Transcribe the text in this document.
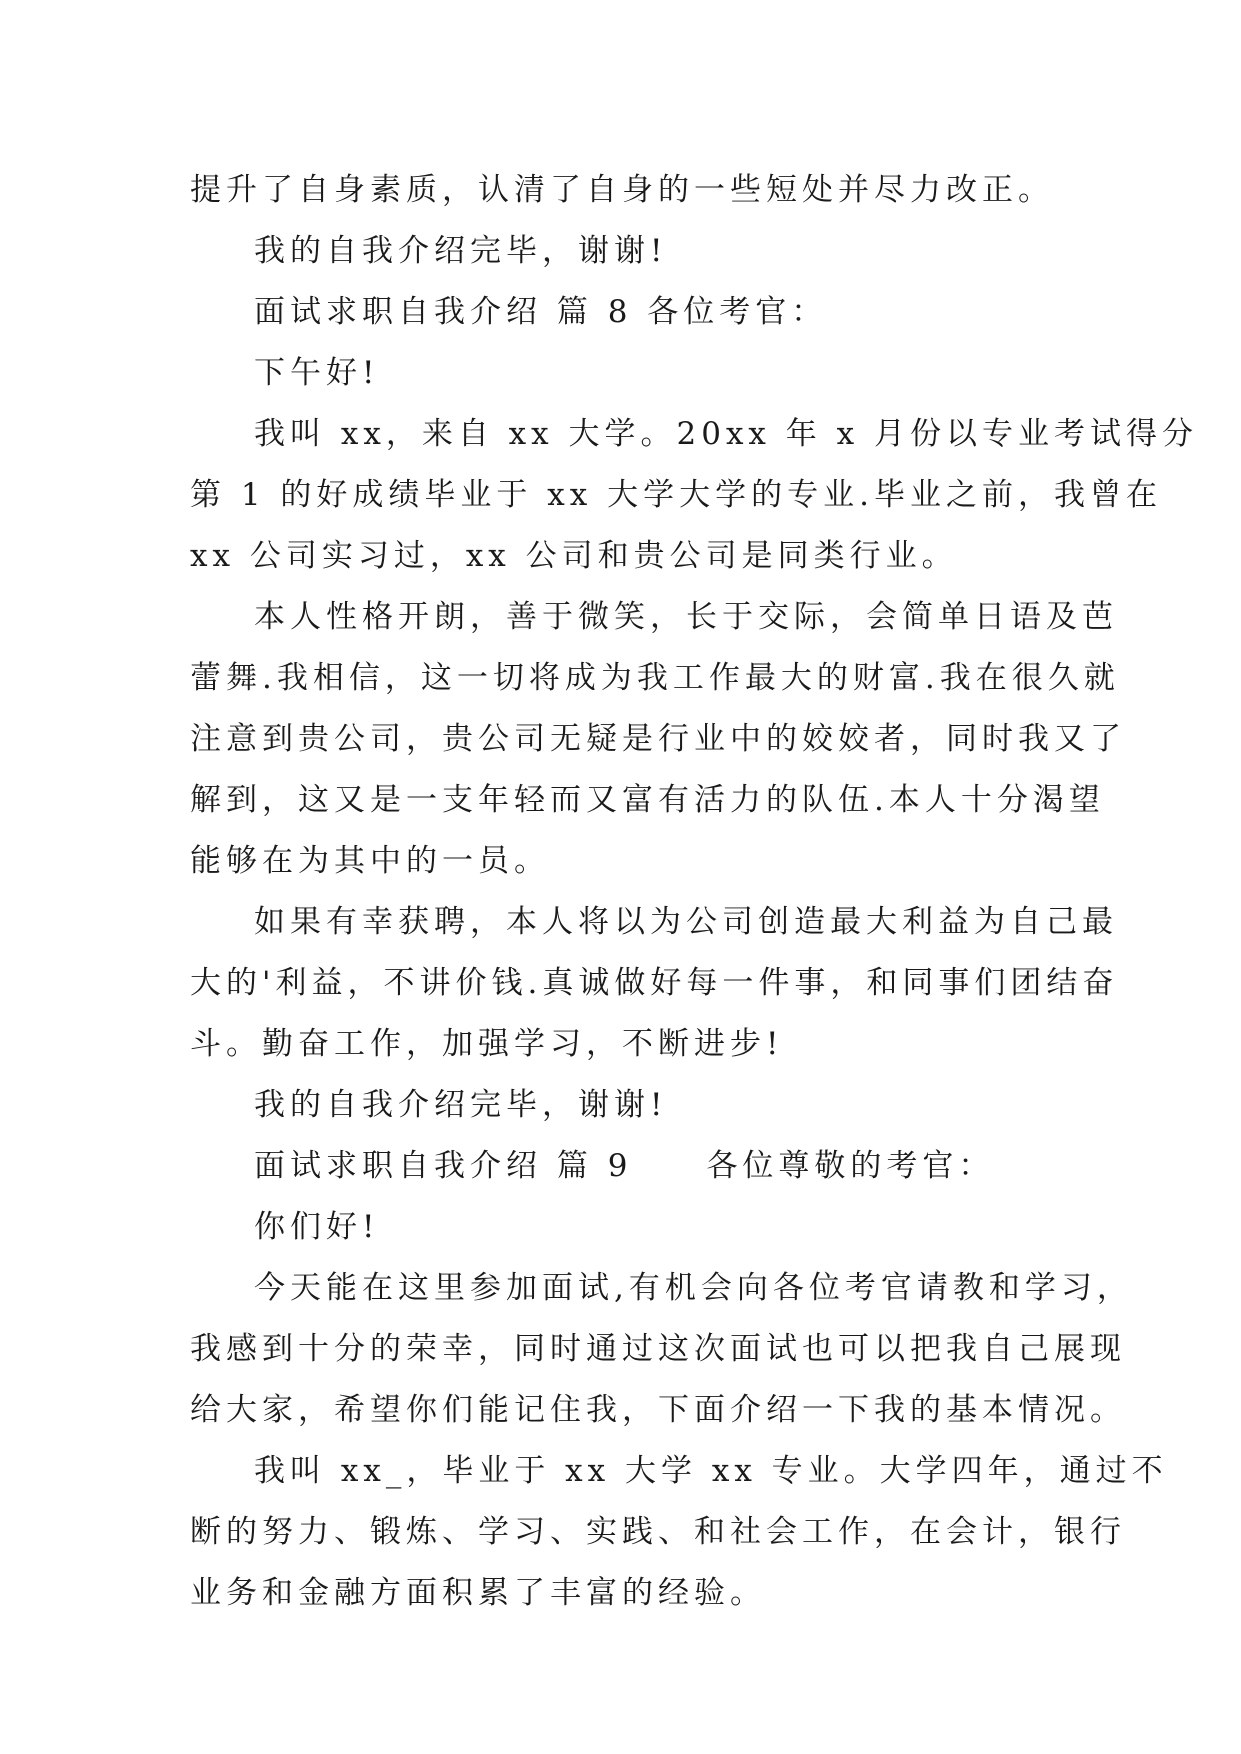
提升了自身素质，认清了自身的一些短处并尽力改正。
我的自我介绍完毕，谢谢!
面试求职自我介绍 篇 8 各位考官：
下午好!
我叫 xx，来自 xx 大学。20xx 年 x 月份以专业考试得分
第 1 的好成绩毕业于 xx 大学大学的专业.毕业之前，我曾在
xx 公司实习过，xx 公司和贵公司是同类行业。
本人性格开朗，善于微笑，长于交际，会简单日语及芭
蕾舞.我相信，这一切将成为我工作最大的财富.我在很久就
注意到贵公司，贵公司无疑是行业中的姣姣者，同时我又了
解到，这又是一支年轻而又富有活力的队伍.本人十分渴望
能够在为其中的一员。
如果有幸获聘，本人将以为公司创造最大利益为自己最
大的'利益，不讲价钱.真诚做好每一件事，和同事们团结奋
斗。勤奋工作，加强学习，不断进步!
我的自我介绍完毕，谢谢!
面试求职自我介绍 篇 9 各位尊敬的考官：
你们好!
今天能在这里参加面试,有机会向各位考官请教和学习，
我感到十分的荣幸，同时通过这次面试也可以把我自己展现
给大家，希望你们能记住我，下面介绍一下我的基本情况。
我叫 xx_，毕业于 xx 大学 xx 专业。大学四年，通过不
断的努力、锻炼、学习、实践、和社会工作，在会计，银行
业务和金融方面积累了丰富的经验。
